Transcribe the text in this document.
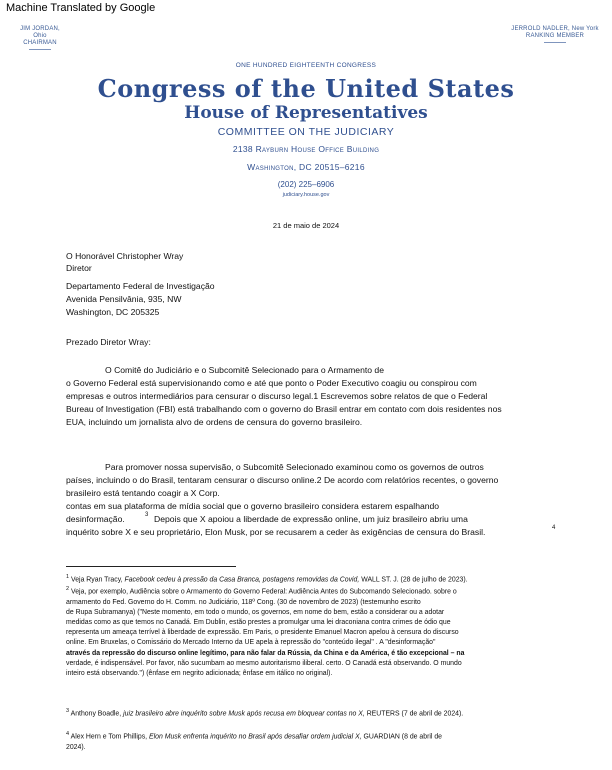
Machine Translated by Google
JIM JORDAN, Ohio
CHAIRMAN
JERROLD NADLER, New York
RANKING MEMBER
ONE HUNDRED EIGHTEENTH CONGRESS
Congress of the United States
House of Representatives
COMMITTEE ON THE JUDICIARY
2138 Rayburn House Office Building
Washington, DC 20515–6216
(202) 225–6906
judiciary.house.gov
21 de maio de 2024
O Honorável Christopher Wray
Diretor
Departamento Federal de Investigação
Avenida Pensilvânia, 935, NW
Washington, DC 205325
Prezado Diretor Wray:
O Comitê do Judiciário e o Subcomitê Selecionado para o Armamento de
o Governo Federal está supervisionando como e até que ponto o Poder Executivo coagiu ou conspirou com
empresas e outros intermediários para censurar o discurso legal.1 Escrevemos sobre relatos de que o Federal
Bureau of Investigation (FBI) está trabalhando com o governo do Brasil entrar em contato com dois residentes nos
EUA, incluindo um jornalista alvo de ordens de censura do governo brasileiro.
Para promover nossa supervisão, o Subcomitê Selecionado examinou como os governos de outros
países, incluindo o do Brasil, tentaram censurar o discurso online.2 De acordo com relatórios recentes, o governo
brasileiro está tentando coagir a X Corp.
contas em sua plataforma de mídia social que o governo brasileiro considera estarem espalhando
desinformação.	3 Depois que X apoiou a liberdade de expressão online, um juiz brasileiro abriu uma
inquérito sobre X e seu proprietário, Elon Musk, por se recusarem a ceder às exigências de censura do Brasil.	4
$^1$ Veja Ryan Tracy, Facebook cedeu à pressão da Casa Branca, postagens removidas da Covid, WALL ST. J. (28 de julho de 2023).
$^2$ Veja, por exemplo, Audiência sobre o Armamento do Governo Federal: Audiência Antes do Subcomando Selecionado. sobre o
armamento do Fed. Governo do H. Comm. no Judiciário, 118º Cong. (30 de novembro de 2023) (testemunho escrito
de Rupa Subramanya) ("Neste momento, em todo o mundo, os governos, em nome do bem, estão a considerar ou a adotar
medidas como as que temos no Canadá. Em Dublin, estão prestes a promulgar uma lei draconiana contra crimes de ódio que
representa um ameaça terrível à liberdade de expressão. Em Paris, o presidente Emanuel Macron apelou à censura do discurso
online. Em Bruxelas, o Comissário do Mercado Interno da UE apela à repressão do "conteúdo ilegal" . A "desinformação"
através da repressão do discurso online legítimo, para não falar da Rússia, da China e da América, é tão excepcional – na
verdade, é indispensável. Por favor, não sucumbam ao mesmo autoritarismo iliberal. certo. O Canadá está observando. O mundo
inteiro está observando.") (ênfase em negrito adicionada; ênfase em itálico no original).
$^3$ Anthony Boadle, juiz brasileiro abre inquérito sobre Musk após recusa em bloquear contas no X, REUTERS (7 de abril de 2024).
$^4$ Alex Hern e Tom Phillips, Elon Musk enfrenta inquérito no Brasil após desafiar ordem judicial X, GUARDIAN (8 de abril de
2024).
